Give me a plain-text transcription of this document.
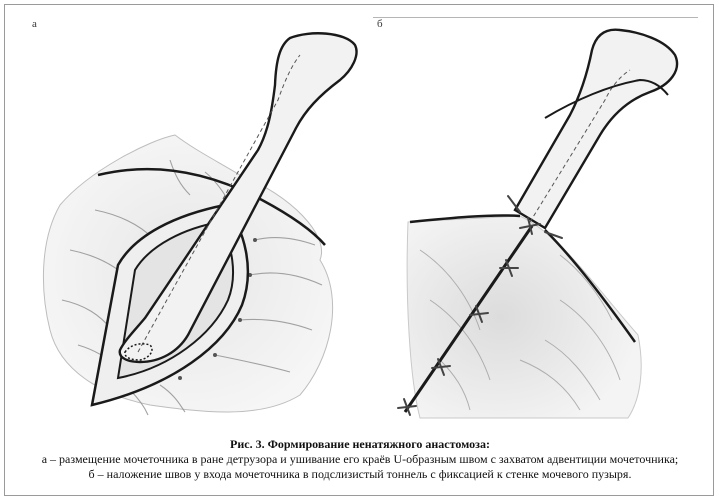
а	б
Рис. 3. Формирование ненатяжного анастомоза:
а – размещение мочеточника в ране детрузора и ушивание его краёв U-образным швом с захватом адвентиции мочеточника;
б – наложение швов у входа мочеточника в подслизистый тоннель с фиксацией к стенке мочевого пузыря.
